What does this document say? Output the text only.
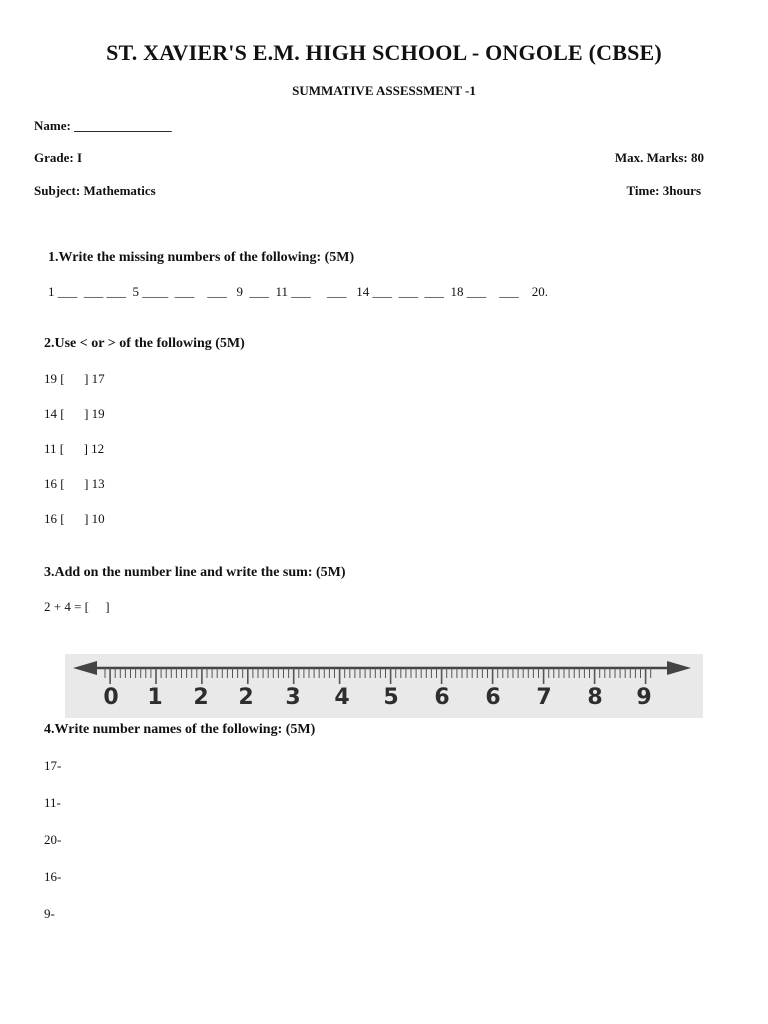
ST. XAVIER'S E.M. HIGH SCHOOL - ONGOLE (CBSE)
SUMMATIVE ASSESSMENT -1
Name: _______________
Grade: I	Max. Marks: 80
Subject: Mathematics	Time: 3hours
1.Write the missing numbers of the following: (5M)
1 ___  ___ ___  5 ____  ___    ___   9  ___  11 ___     ___   14 ___  ___  ___  18 ___    ___    20.
2.Use < or > of the following (5M)
19 [      ] 17
14 [      ] 19
11 [      ] 12
16 [      ] 13
16 [      ] 10
3.Add on the number line and write the sum: (5M)
2 + 4 = [     ]
0 1 2 2 3 4 5 6 6 7 8 9
4.Write number names of the following: (5M)
17-
11-
20-
16-
9-
